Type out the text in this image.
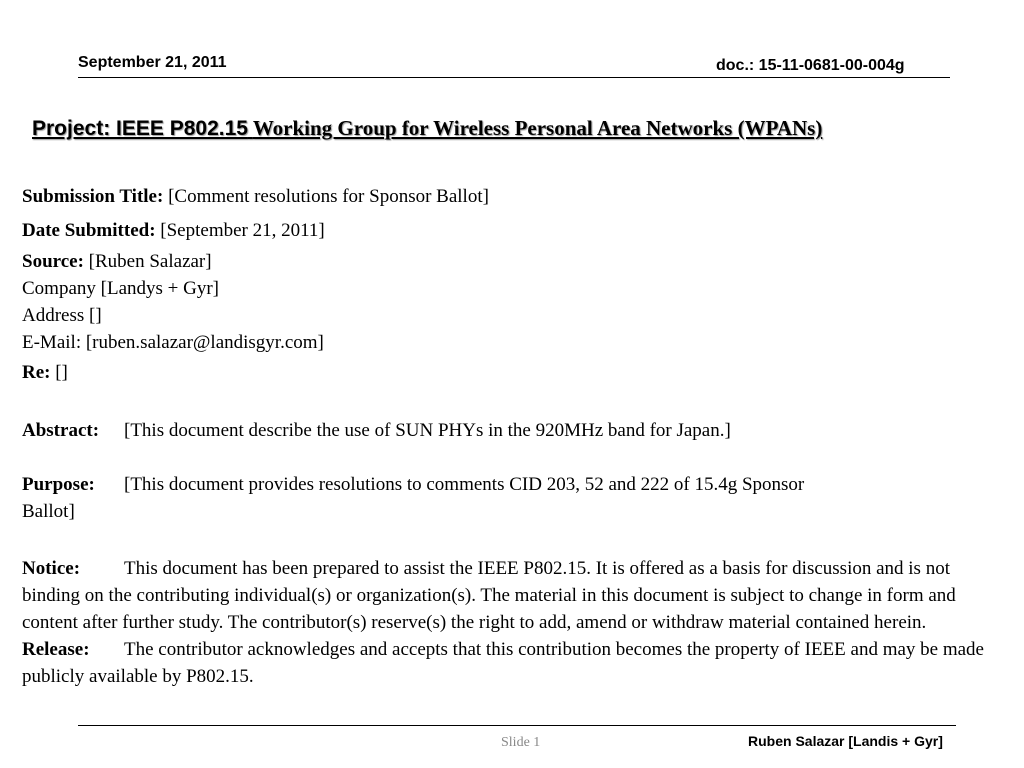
September 21, 2011	doc.: 15-11-0681-00-004g
Project: IEEE P802.15 Working Group for Wireless Personal Area Networks (WPANs)
Submission Title: [Comment resolutions for Sponsor Ballot]
Date Submitted: [September 21, 2011]
Source: [Ruben Salazar]
Company [Landys + Gyr]
Address []
E-Mail: [ruben.salazar@landisgyr.com]
Re: []
Abstract: [This document describe the use of SUN PHYs in the 920MHz band for Japan.]
Purpose: [This document provides resolutions to comments CID 203, 52 and 222 of 15.4g Sponsor
Ballot]
Notice: This document has been prepared to assist the IEEE P802.15. It is offered as a basis for discussion and is not binding on the contributing individual(s) or organization(s). The material in this document is subject to change in form and content after further study. The contributor(s) reserve(s) the right to add, amend or withdraw material contained herein.
Release: The contributor acknowledges and accepts that this contribution becomes the property of IEEE and may be made publicly available by P802.15.
Slide 1	Ruben Salazar [Landis + Gyr]
